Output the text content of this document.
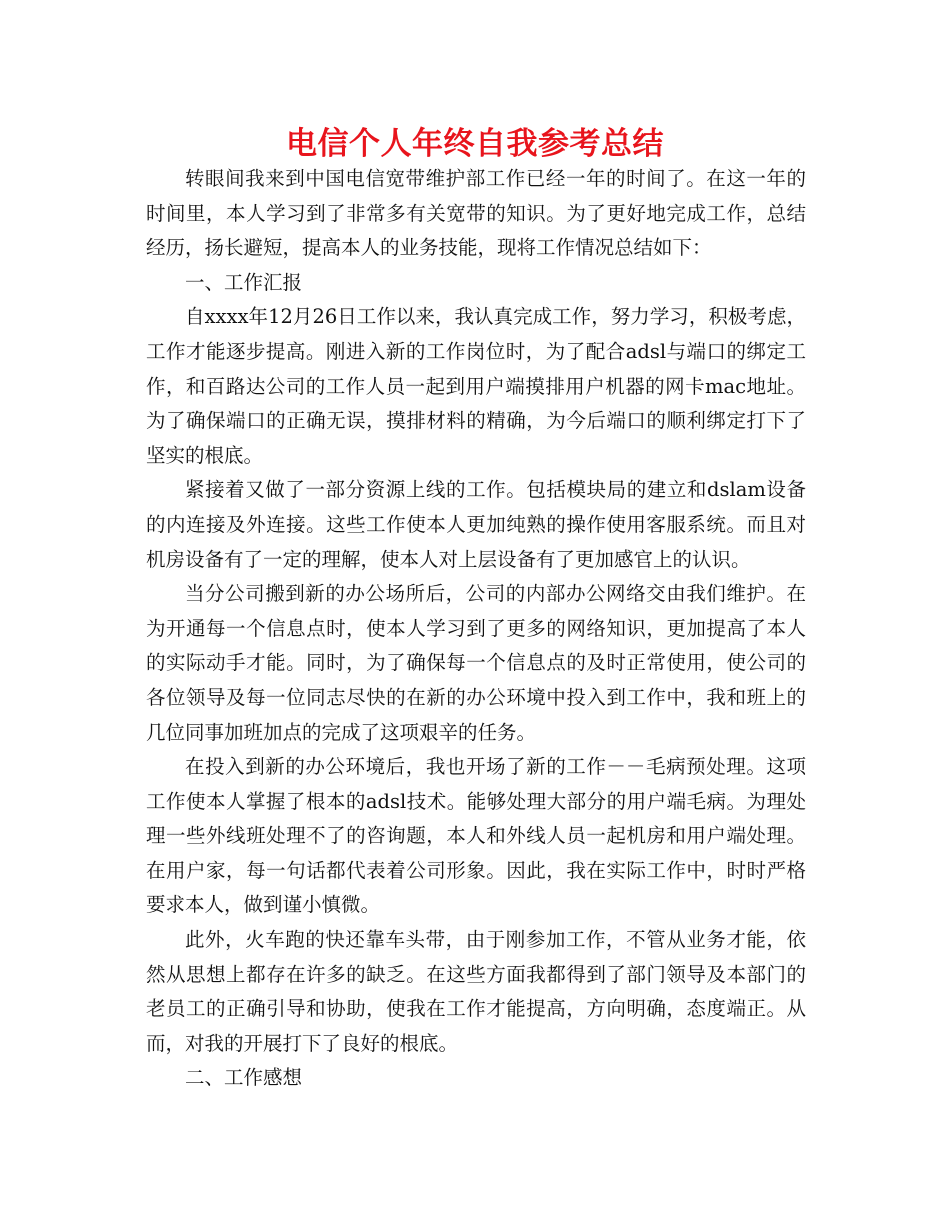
电信个人年终自我参考总结

转眼间我来到中国电信宽带维护部工作已经一年的时间了。在这一年的时间里，本人学习到了非常多有关宽带的知识。为了更好地完成工作，总结经历，扬长避短，提高本人的业务技能，现将工作情况总结如下：

一、工作汇报

自xxxx年12月26日工作以来，我认真完成工作，努力学习，积极考虑，工作才能逐步提高。刚进入新的工作岗位时，为了配合adsl与端口的绑定工作，和百路达公司的工作人员一起到用户端摸排用户机器的网卡mac地址。为了确保端口的正确无误，摸排材料的精确，为今后端口的顺利绑定打下了坚实的根底。

紧接着又做了一部分资源上线的工作。包括模块局的建立和dslam设备的内连接及外连接。这些工作使本人更加纯熟的操作使用客服系统。而且对机房设备有了一定的理解，使本人对上层设备有了更加感官上的认识。

当分公司搬到新的办公场所后，公司的内部办公网络交由我们维护。在为开通每一个信息点时，使本人学习到了更多的网络知识，更加提高了本人的实际动手才能。同时，为了确保每一个信息点的及时正常使用，使公司的各位领导及每一位同志尽快的在新的办公环境中投入到工作中，我和班上的几位同事加班加点的完成了这项艰辛的任务。

在投入到新的办公环境后，我也开场了新的工作－－毛病预处理。这项工作使本人掌握了根本的adsl技术。能够处理大部分的用户端毛病。为理处理一些外线班处理不了的咨询题，本人和外线人员一起机房和用户端处理。在用户家，每一句话都代表着公司形象。因此，我在实际工作中，时时严格要求本人，做到谨小慎微。

此外，火车跑的快还靠车头带，由于刚参加工作，不管从业务才能，依然从思想上都存在许多的缺乏。在这些方面我都得到了部门领导及本部门的老员工的正确引导和协助，使我在工作才能提高，方向明确，态度端正。从而，对我的开展打下了良好的根底。

二、工作感想
